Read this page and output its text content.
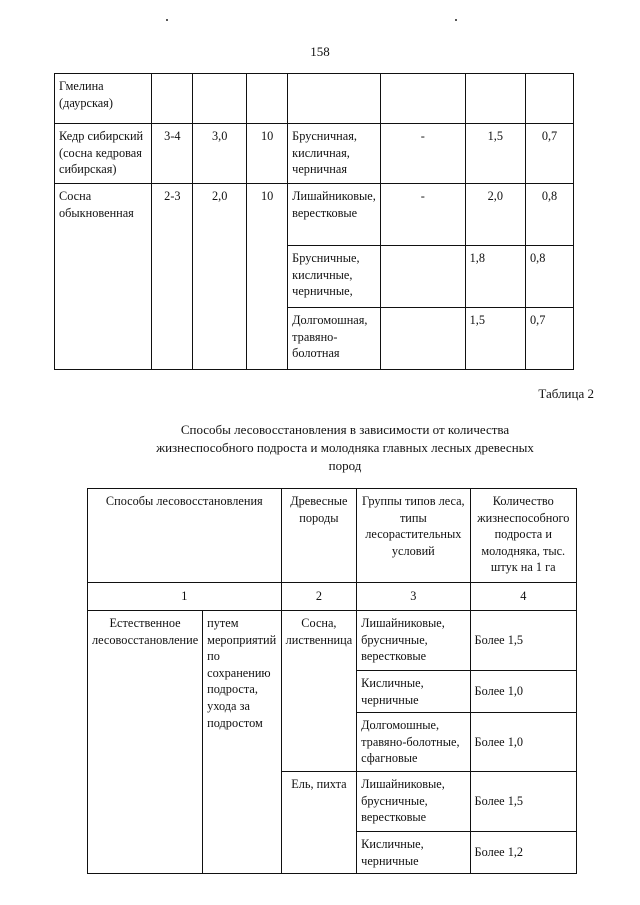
158
Гмелина (даурская)							
Кедр сибирский (сосна кедровая сибирская)	3-4	3,0	10	Брусничная, кисличная, черничная	-	1,5	0,7
Сосна обыкновенная	2-3	2,0	10	Лишайниковые, верестковые	-	2,0	0,8
				Брусничные, кисличные, черничные,		1,8	0,8
				Долгомошная, травяно-болотная		1,5	0,7
Таблица 2
Способы лесовосстановления в зависимости от количества жизнеспособного подроста и молодняка главных лесных древесных пород
Способы лесовосстановления		Древесные породы	Группы типов леса, типы лесорастительных условий	Количество жизнеспособного подроста и молодняка, тыс. штук на 1 га
1		2	3	4
Естественное лесовосстановление	путем мероприятий по сохранению подроста, ухода за подростом	Сосна, лиственница	Лишайниковые, брусничные, верестковые	Более 1,5
			Кисличные, черничные	Более 1,0
			Долгомошные, травяно-болотные, сфагновые	Более 1,0
		Ель, пихта	Лишайниковые, брусничные, верестковые	Более 1,5
			Кисличные, черничные	Более 1,2
